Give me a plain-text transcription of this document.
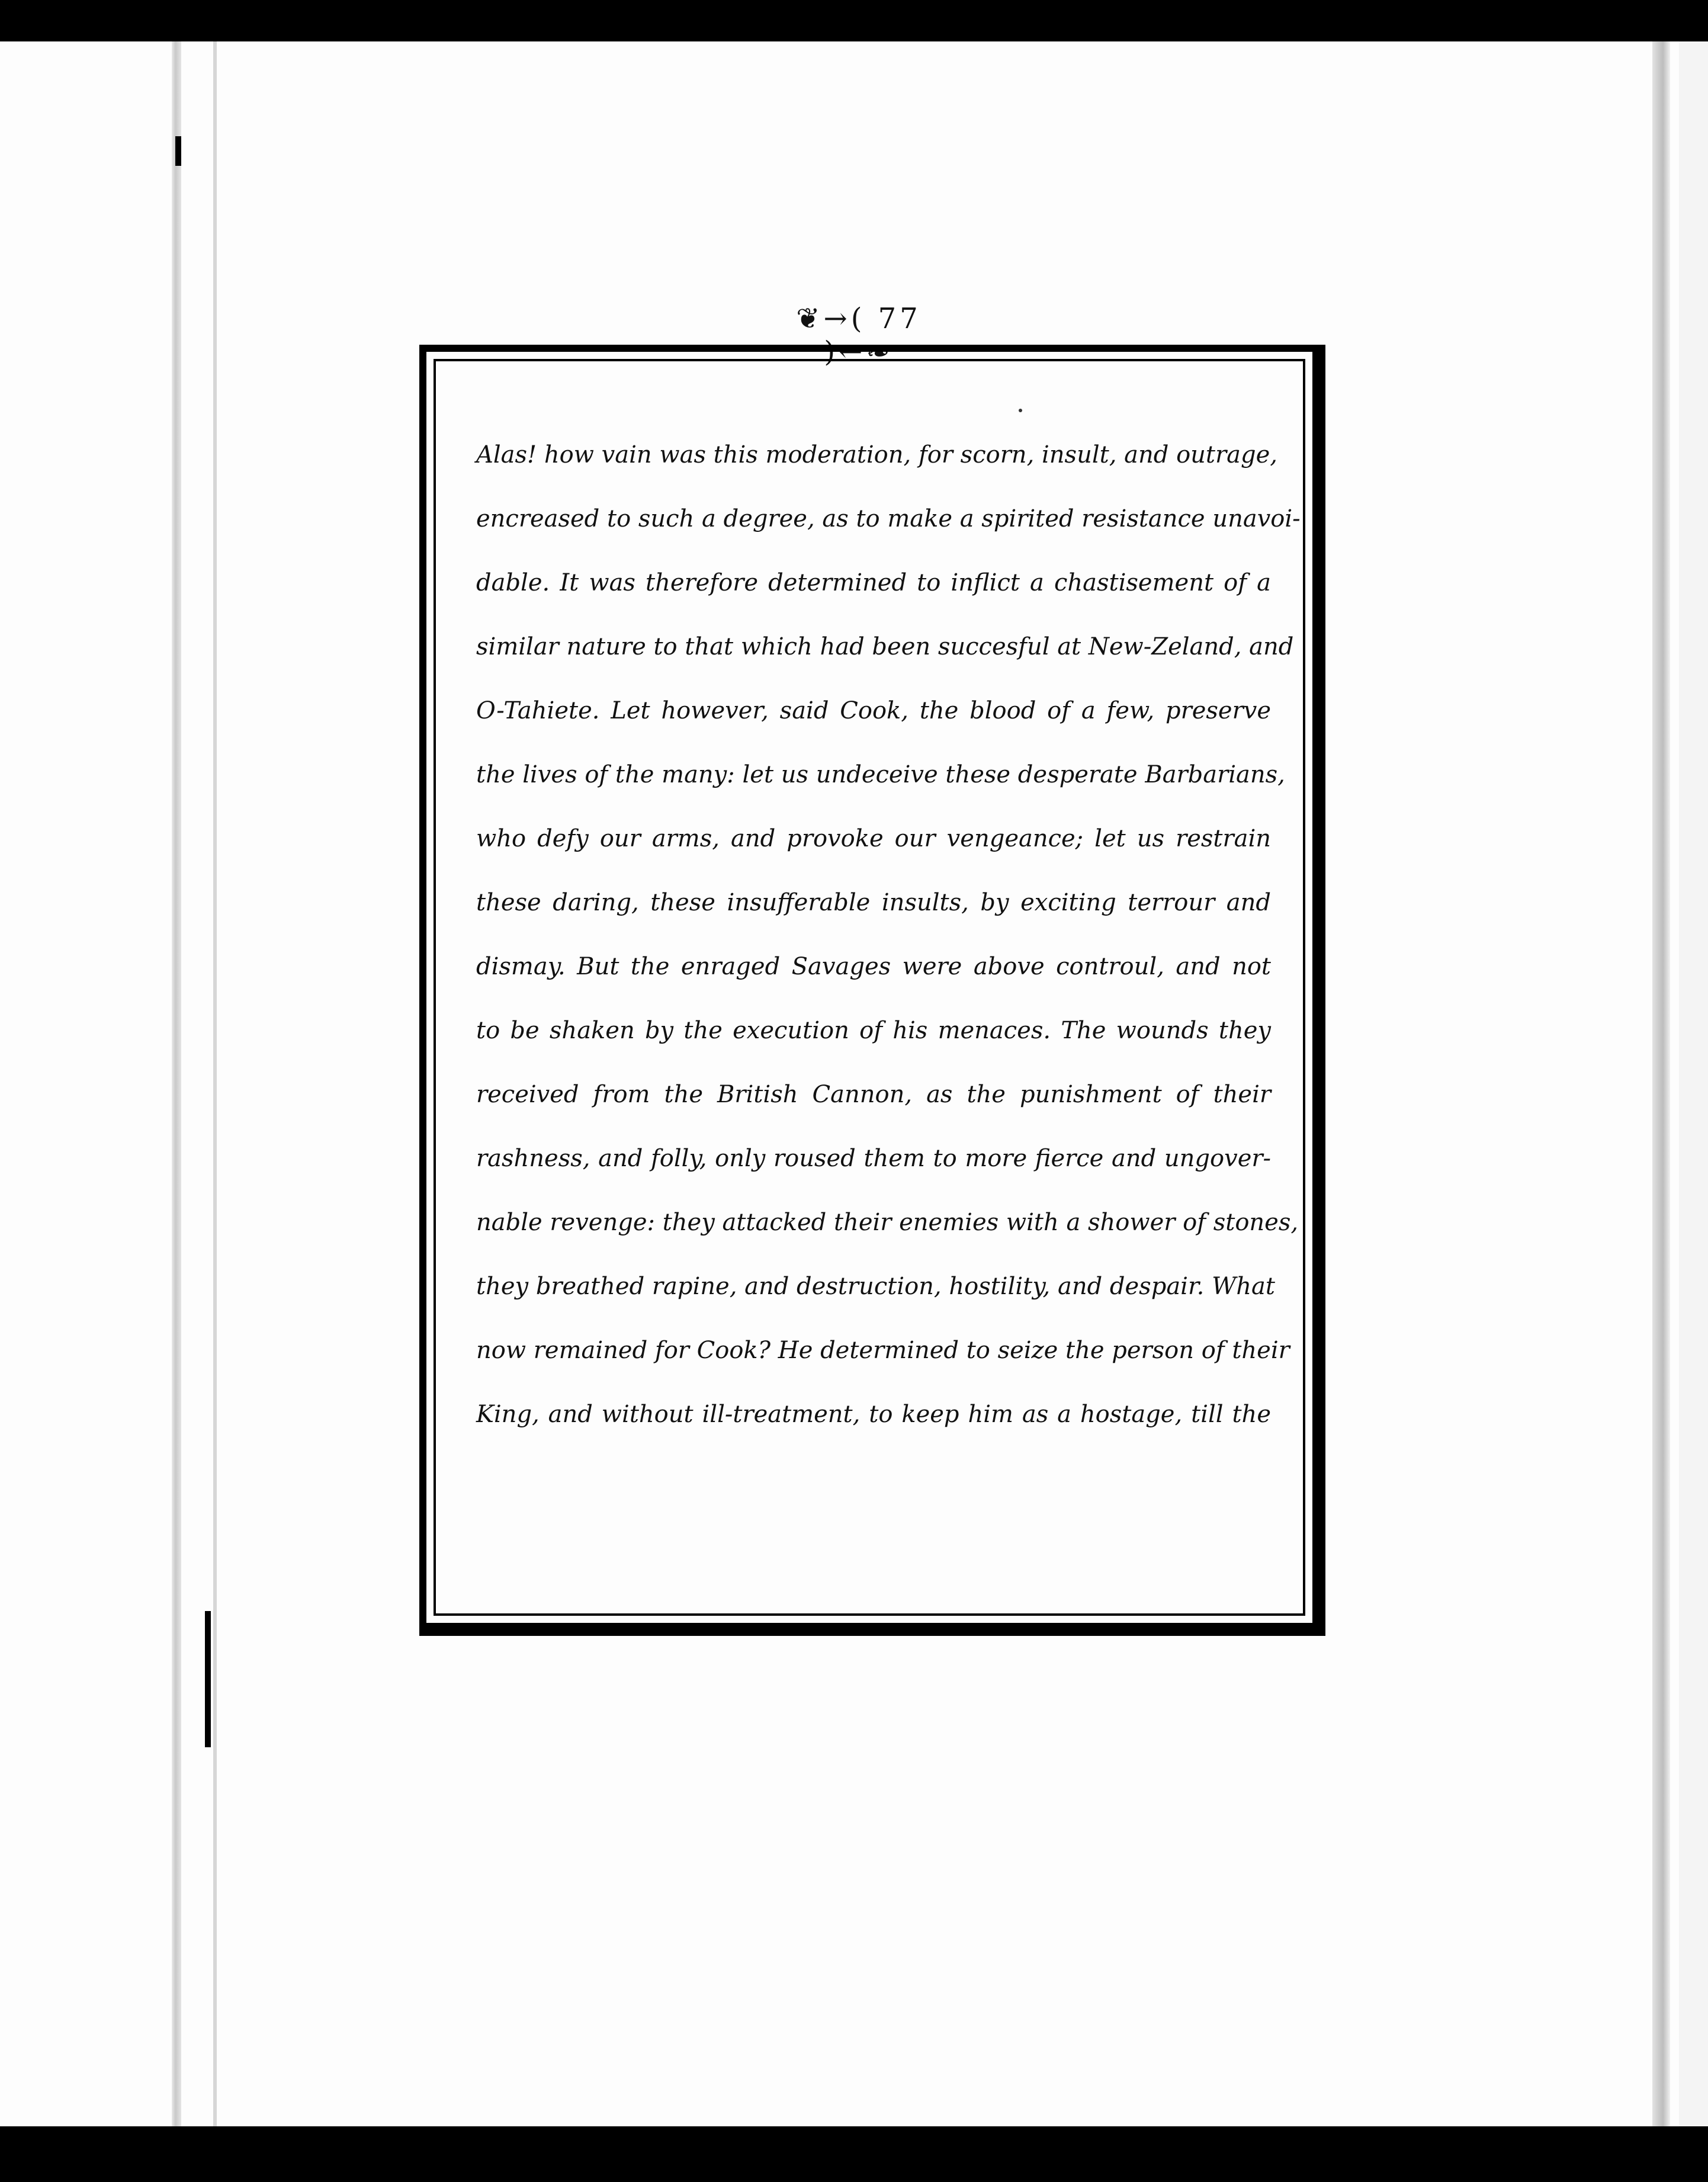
❦→( 77 )←❧
Alas! how vain was this moderation, for scorn, insult, and outrage,
encreased to such a degree, as to make a spirited resistance unavoi-
dable. It was therefore determined to inflict a chastisement of a
similar nature to that which had been succesful at New-Zeland, and
O-Tahiete. Let however, said Cook, the blood of a few, preserve
the lives of the many: let us undeceive these desperate Barbarians,
who defy our arms, and provoke our vengeance; let us restrain
these daring, these insufferable insults, by exciting terrour and
dismay. But the enraged Savages were above controul, and not
to be shaken by the execution of his menaces. The wounds they
received from the British Cannon, as the punishment of their
rashness, and folly, only roused them to more fierce and ungover-
nable revenge: they attacked their enemies with a shower of stones,
they breathed rapine, and destruction, hostility, and despair. What
now remained for Cook? He determined to seize the person of their
King, and without ill-treatment, to keep him as a hostage, till the
